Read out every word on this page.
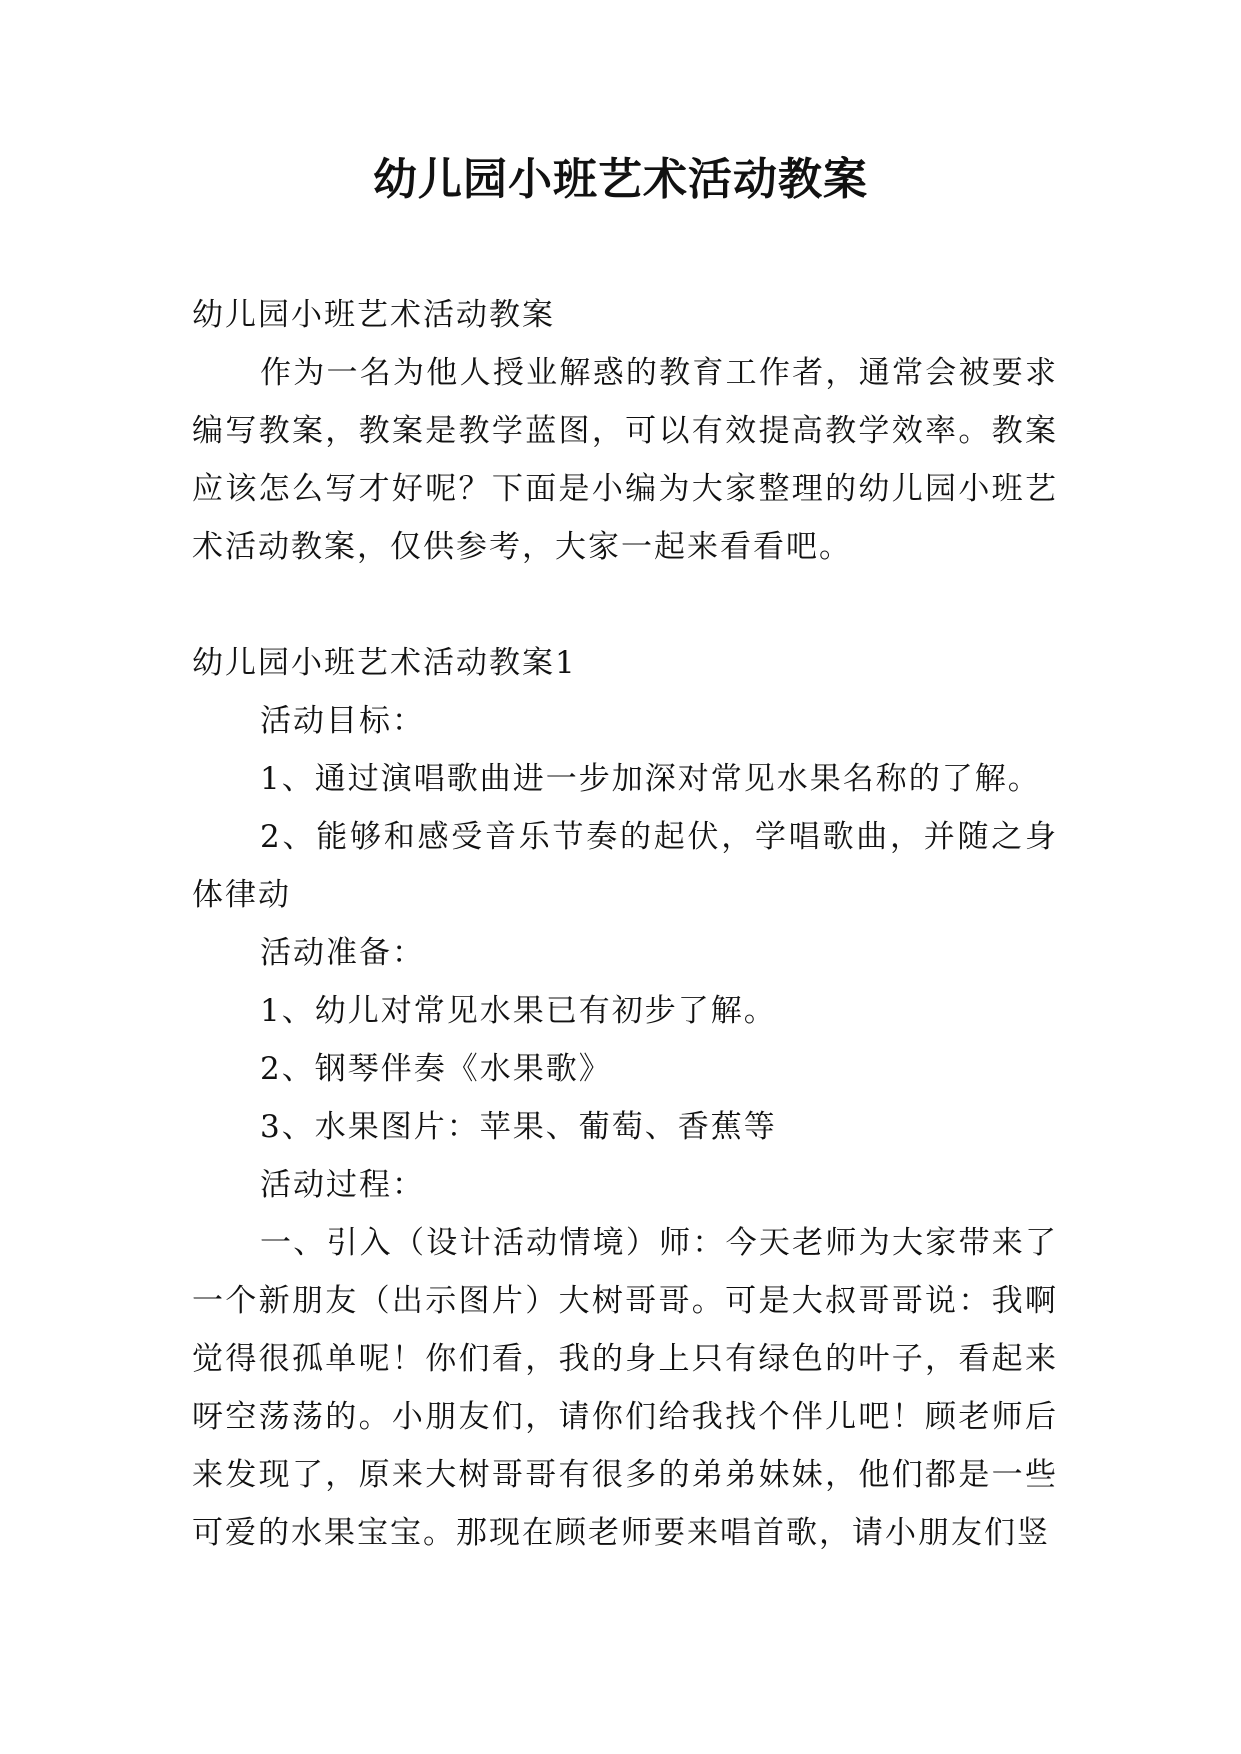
幼儿园小班艺术活动教案

幼儿园小班艺术活动教案

作为一名为他人授业解惑的教育工作者，通常会被要求编写教案，教案是教学蓝图，可以有效提高教学效率。教案应该怎么写才好呢？下面是小编为大家整理的幼儿园小班艺术活动教案，仅供参考，大家一起来看看吧。

幼儿园小班艺术活动教案1

活动目标：

1、通过演唱歌曲进一步加深对常见水果名称的了解。

2、能够和感受音乐节奏的起伏，学唱歌曲，并随之身体律动

活动准备：

1、幼儿对常见水果已有初步了解。

2、钢琴伴奏《水果歌》

3、水果图片：苹果、葡萄、香蕉等

活动过程：

一、引入（设计活动情境）师：今天老师为大家带来了一个新朋友（出示图片）大树哥哥。可是大叔哥哥说：我啊觉得很孤单呢！你们看，我的身上只有绿色的叶子，看起来呀空荡荡的。小朋友们，请你们给我找个伴儿吧！顾老师后来发现了，原来大树哥哥有很多的弟弟妹妹，他们都是一些可爱的水果宝宝。那现在顾老师要来唱首歌，请小朋友们竖
